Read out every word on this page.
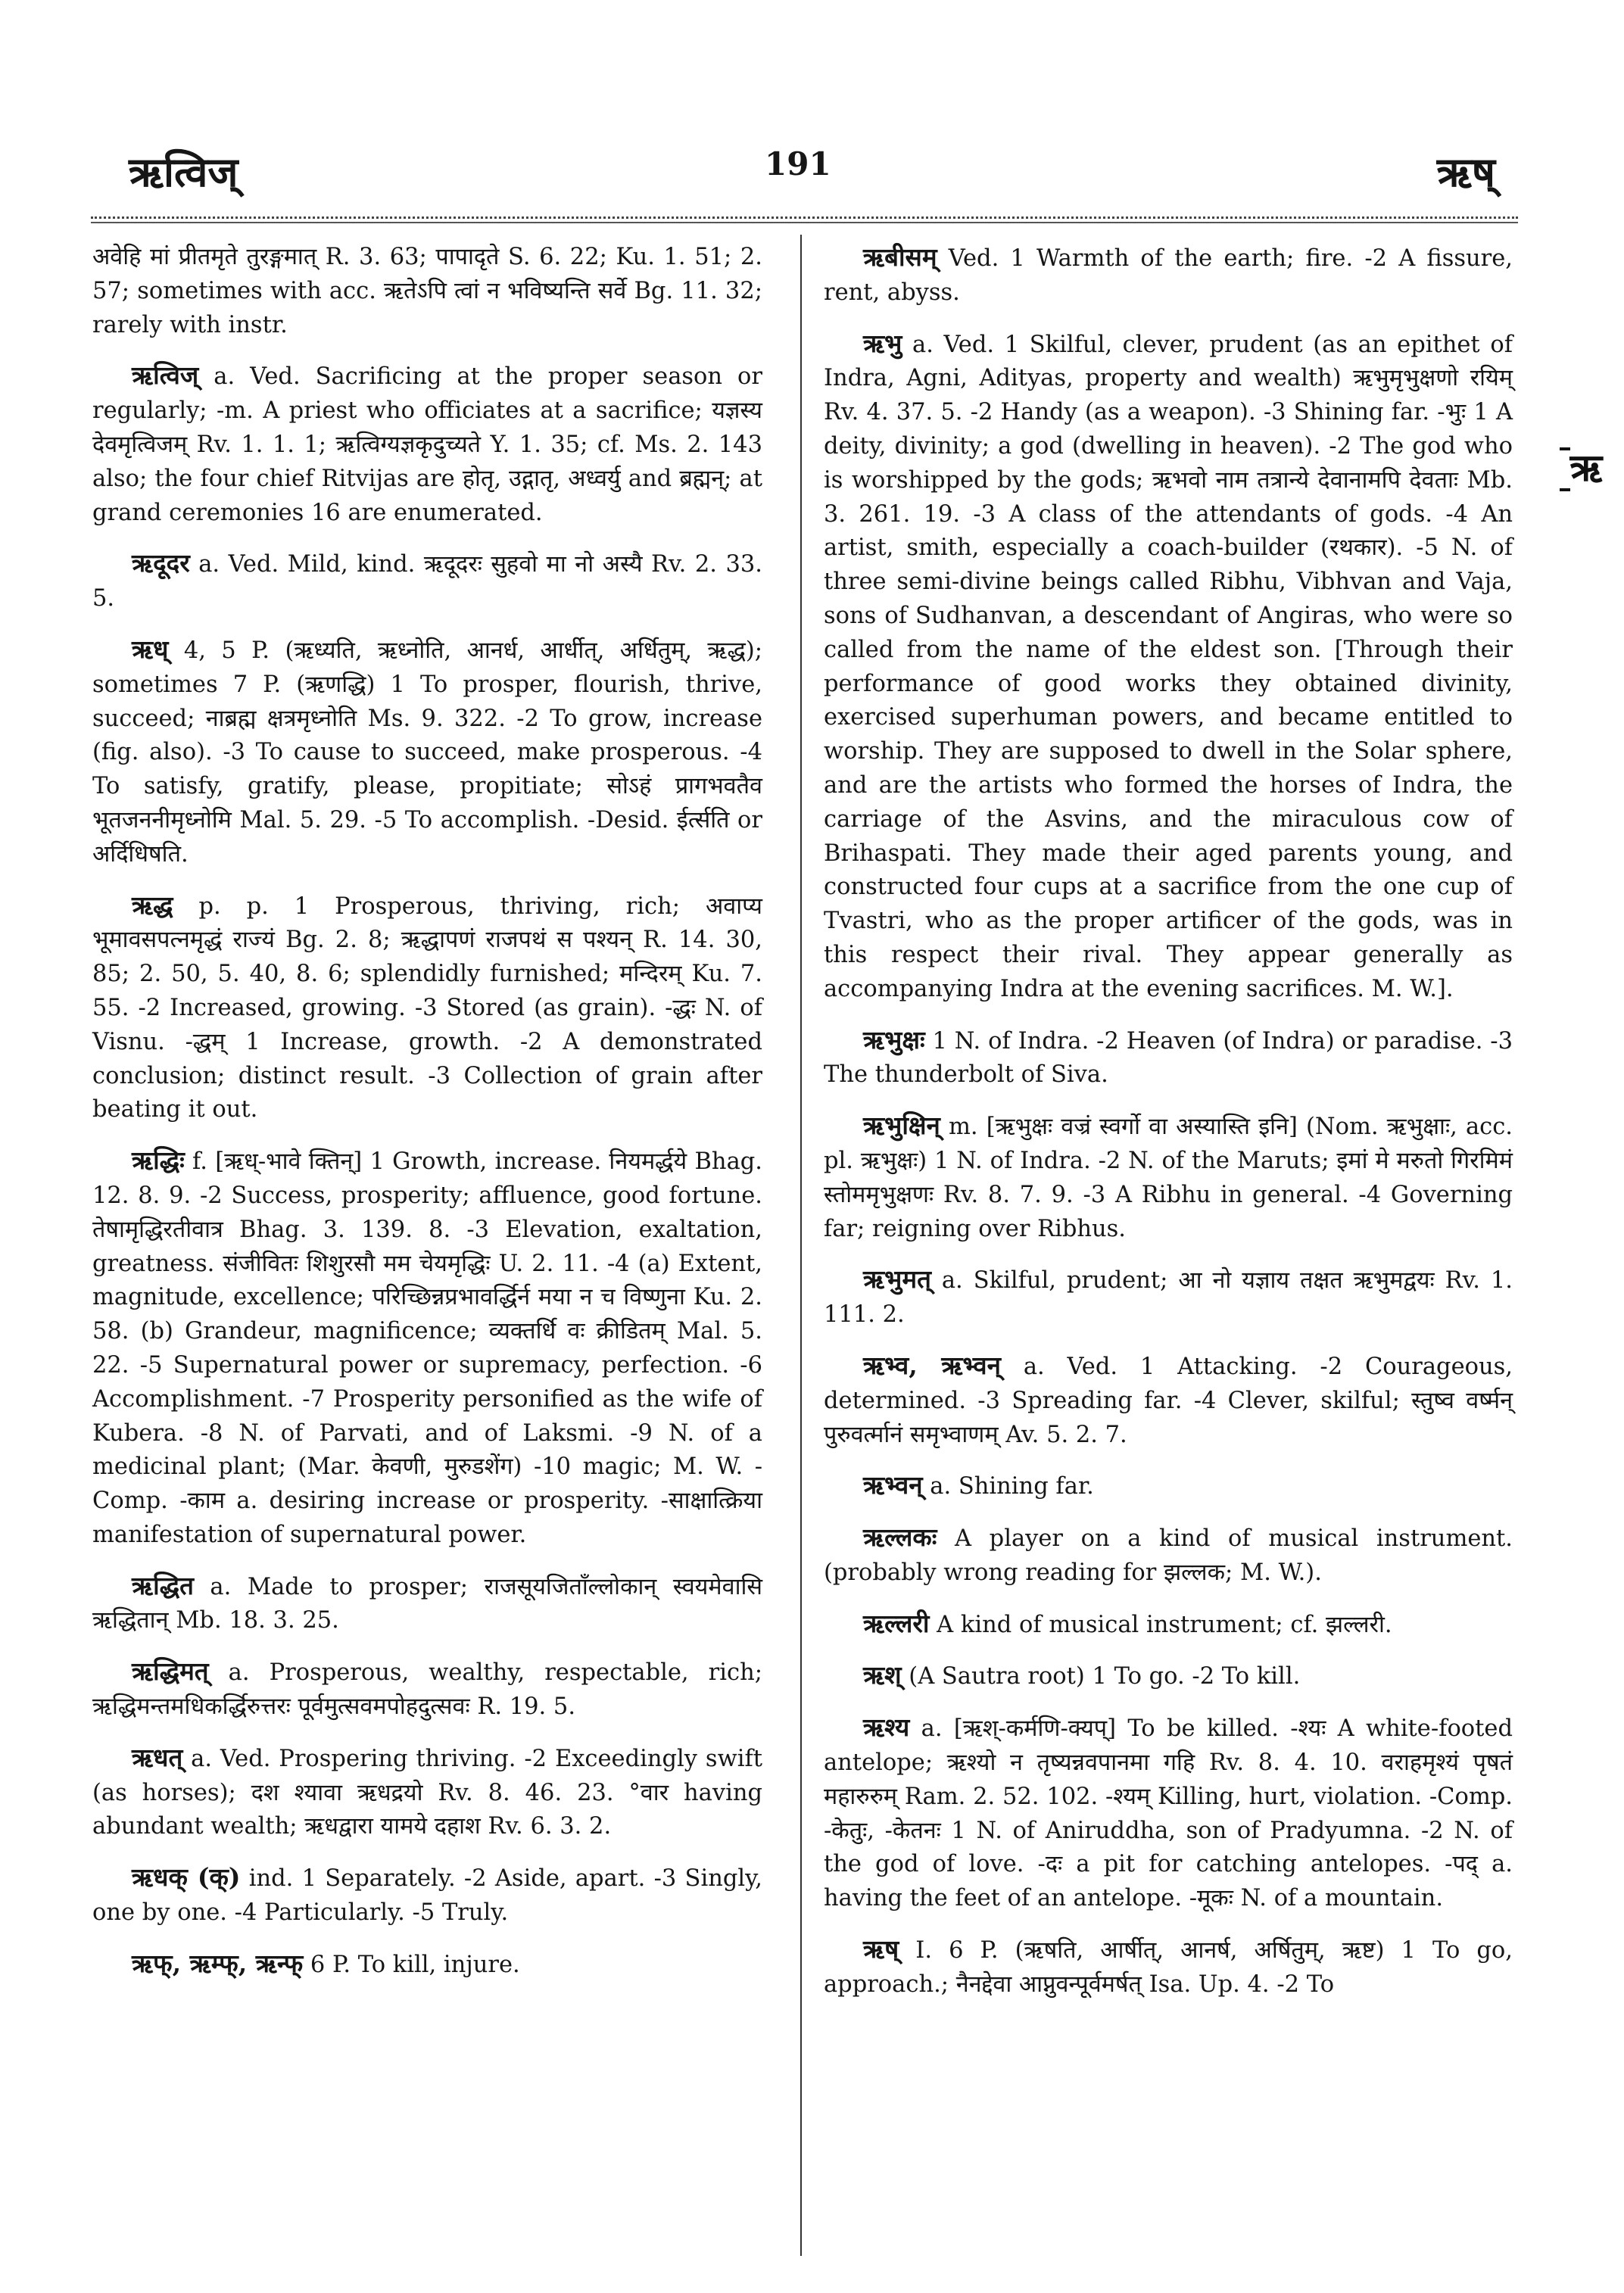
ऋत्विज्	191	ऋष्
ऋ

अवेहि मां प्रीतमृते तुरङ्गमात् R. 3. 63; पापादृते S. 6. 22; Ku. 1. 51; 2. 57; sometimes with acc. ऋतेऽपि त्वां न भविष्यन्ति सर्वे Bg. 11. 32; rarely with instr.

ऋत्विज् a. Ved. Sacrificing at the proper season or regularly; -m. A priest who officiates at a sacrifice; यज्ञस्य देवमृत्विजम् Rv. 1. 1. 1; ऋत्विग्यज्ञकृदुच्यते Y. 1. 35; cf. Ms. 2. 143 also; the four chief Ritvijas are होतृ, उद्गातृ, अध्वर्यु and ब्रह्मन्; at grand ceremonies 16 are enumerated.

ऋदूदर a. Ved. Mild, kind. ऋदूदरः सुहवो मा नो अस्यै Rv. 2. 33. 5.

ऋध् 4, 5 P. (ऋध्यति, ऋध्नोति, आनर्ध, आर्धीत्, अर्धितुम्, ऋद्ध); sometimes 7 P. (ऋणद्धि) 1 To prosper, flourish, thrive, succeed; नाब्रह्म क्षत्रमृध्नोति Ms. 9. 322. -2 To grow, increase (fig. also). -3 To cause to succeed, make prosperous. -4 To satisfy, gratify, please, propitiate; सोऽहं प्रागभवतैव भूतजननीमृध्नोमि Mal. 5. 29. -5 To accomplish. -Desid. ईर्त्सति or अर्दिधिषति.

ऋद्ध p. p. 1 Prosperous, thriving, rich; अवाप्य भूमावसपत्नमृद्धं राज्यं Bg. 2. 8; ऋद्धापणं राजपथं स पश्यन् R. 14. 30, 85; 2. 50, 5. 40, 8. 6; splendidly furnished; मन्दिरम् Ku. 7. 55. -2 Increased, growing. -3 Stored (as grain). -द्धः N. of Visnu. -द्धम् 1 Increase, growth. -2 A demonstrated conclusion; distinct result. -3 Collection of grain after beating it out.

ऋद्धिः f. [ऋध्-भावे क्तिन्] 1 Growth, increase. नियमर्द्धये Bhag. 12. 8. 9. -2 Success, prosperity; affluence, good fortune. तेषामृद्धिरतीवात्र Bhag. 3. 139. 8. -3 Elevation, exaltation, greatness. संजीवितः शिशुरसौ मम चेयमृद्धिः U. 2. 11. -4 (a) Extent, magnitude, excellence; परिच्छिन्नप्रभावर्द्धिर्न मया न च विष्णुना Ku. 2. 58. (b) Grandeur, magnificence; व्यक्तर्धि वः क्रीडितम् Mal. 5. 22. -5 Supernatural power or supremacy, perfection. -6 Accomplishment. -7 Prosperity personified as the wife of Kubera. -8 N. of Parvati, and of Laksmi. -9 N. of a medicinal plant; (Mar. केवणी, मुरुडशेंग) -10 magic; M. W. -Comp. -काम a. desiring increase or prosperity. -साक्षात्क्रिया manifestation of supernatural power.

ऋद्धित a. Made to prosper; राजसूयजितॉंल्लोकान् स्वयमेवासि ऋद्धितान् Mb. 18. 3. 25.

ऋद्धिमत् a. Prosperous, wealthy, respectable, rich; ऋद्धिमन्तमधिकर्द्धिरुत्तरः पूर्वमुत्सवमपोहदुत्सवः R. 19. 5.

ऋधत् a. Ved. Prospering thriving. -2 Exceedingly swift (as horses); दश श्यावा ऋधद्रयो Rv. 8. 46. 23. °वार having abundant wealth; ऋधद्वारा यामये दहाश Rv. 6. 3. 2.

ऋधक् (क्) ind. 1 Separately. -2 Aside, apart. -3 Singly, one by one. -4 Particularly. -5 Truly.

ऋफ्, ऋम्फ्, ऋन्फ् 6 P. To kill, injure.

ऋबीसम् Ved. 1 Warmth of the earth; fire. -2 A fissure, rent, abyss.

ऋभु a. Ved. 1 Skilful, clever, prudent (as an epithet of Indra, Agni, Adityas, property and wealth) ऋभुमृभुक्षणो रयिम् Rv. 4. 37. 5. -2 Handy (as a weapon). -3 Shining far. -भुः 1 A deity, divinity; a god (dwelling in heaven). -2 The god who is worshipped by the gods; ऋभवो नाम तत्रान्ये देवानामपि देवताः Mb. 3. 261. 19. -3 A class of the attendants of gods. -4 An artist, smith, especially a coach-builder (रथकार). -5 N. of three semi-divine beings called Ribhu, Vibhvan and Vaja, sons of Sudhanvan, a descendant of Angiras, who were so called from the name of the eldest son. [Through their performance of good works they obtained divinity, exercised superhuman powers, and became entitled to worship. They are supposed to dwell in the Solar sphere, and are the artists who formed the horses of Indra, the carriage of the Asvins, and the miraculous cow of Brihaspati. They made their aged parents young, and constructed four cups at a sacrifice from the one cup of Tvastri, who as the proper artificer of the gods, was in this respect their rival. They appear generally as accompanying Indra at the evening sacrifices. M. W.].

ऋभुक्षः 1 N. of Indra. -2 Heaven (of Indra) or paradise. -3 The thunderbolt of Siva.

ऋभुक्षिन् m. [ऋभुक्षः वज्रं स्वर्गो वा अस्यास्ति इनि] (Nom. ऋभुक्षाः, acc. pl. ऋभुक्षः) 1 N. of Indra. -2 N. of the Maruts; इमां मे मरुतो गिरमिमं स्तोममृभुक्षणः Rv. 8. 7. 9. -3 A Ribhu in general. -4 Governing far; reigning over Ribhus.

ऋभुमत् a. Skilful, prudent; आ नो यज्ञाय तक्षत ऋभुमद्वयः Rv. 1. 111. 2.

ऋभ्व, ऋभ्वन् a. Ved. 1 Attacking. -2 Courageous, determined. -3 Spreading far. -4 Clever, skilful; स्तुष्व वर्ष्मन् पुरुवर्त्मानं समृभ्वाणम् Av. 5. 2. 7.

ऋभ्वन् a. Shining far.

ऋल्लकः A player on a kind of musical instrument. (probably wrong reading for झल्लक; M. W.).

ऋल्लरी A kind of musical instrument; cf. झल्लरी.

ऋश् (A Sautra root) 1 To go. -2 To kill.

ऋश्य a. [ऋश्-कर्मणि-क्यप्] To be killed. -श्यः A white-footed antelope; ऋश्यो न तृष्यन्नवपानमा गहि Rv. 8. 4. 10. वराहमृश्यं पृषतं महारुरुम् Ram. 2. 52. 102. -श्यम् Killing, hurt, violation. -Comp. -केतुः, -केतनः 1 N. of Aniruddha, son of Pradyumna. -2 N. of the god of love. -दः a pit for catching antelopes. -पद् a. having the feet of an antelope. -मूकः N. of a mountain.

ऋष् I. 6 P. (ऋषति, आर्षीत्, आनर्ष, अर्षितुम्, ऋष्ट) 1 To go, approach.; नैनद्देवा आप्नुवन्पूर्वमर्षत् Isa. Up. 4. -2 To
